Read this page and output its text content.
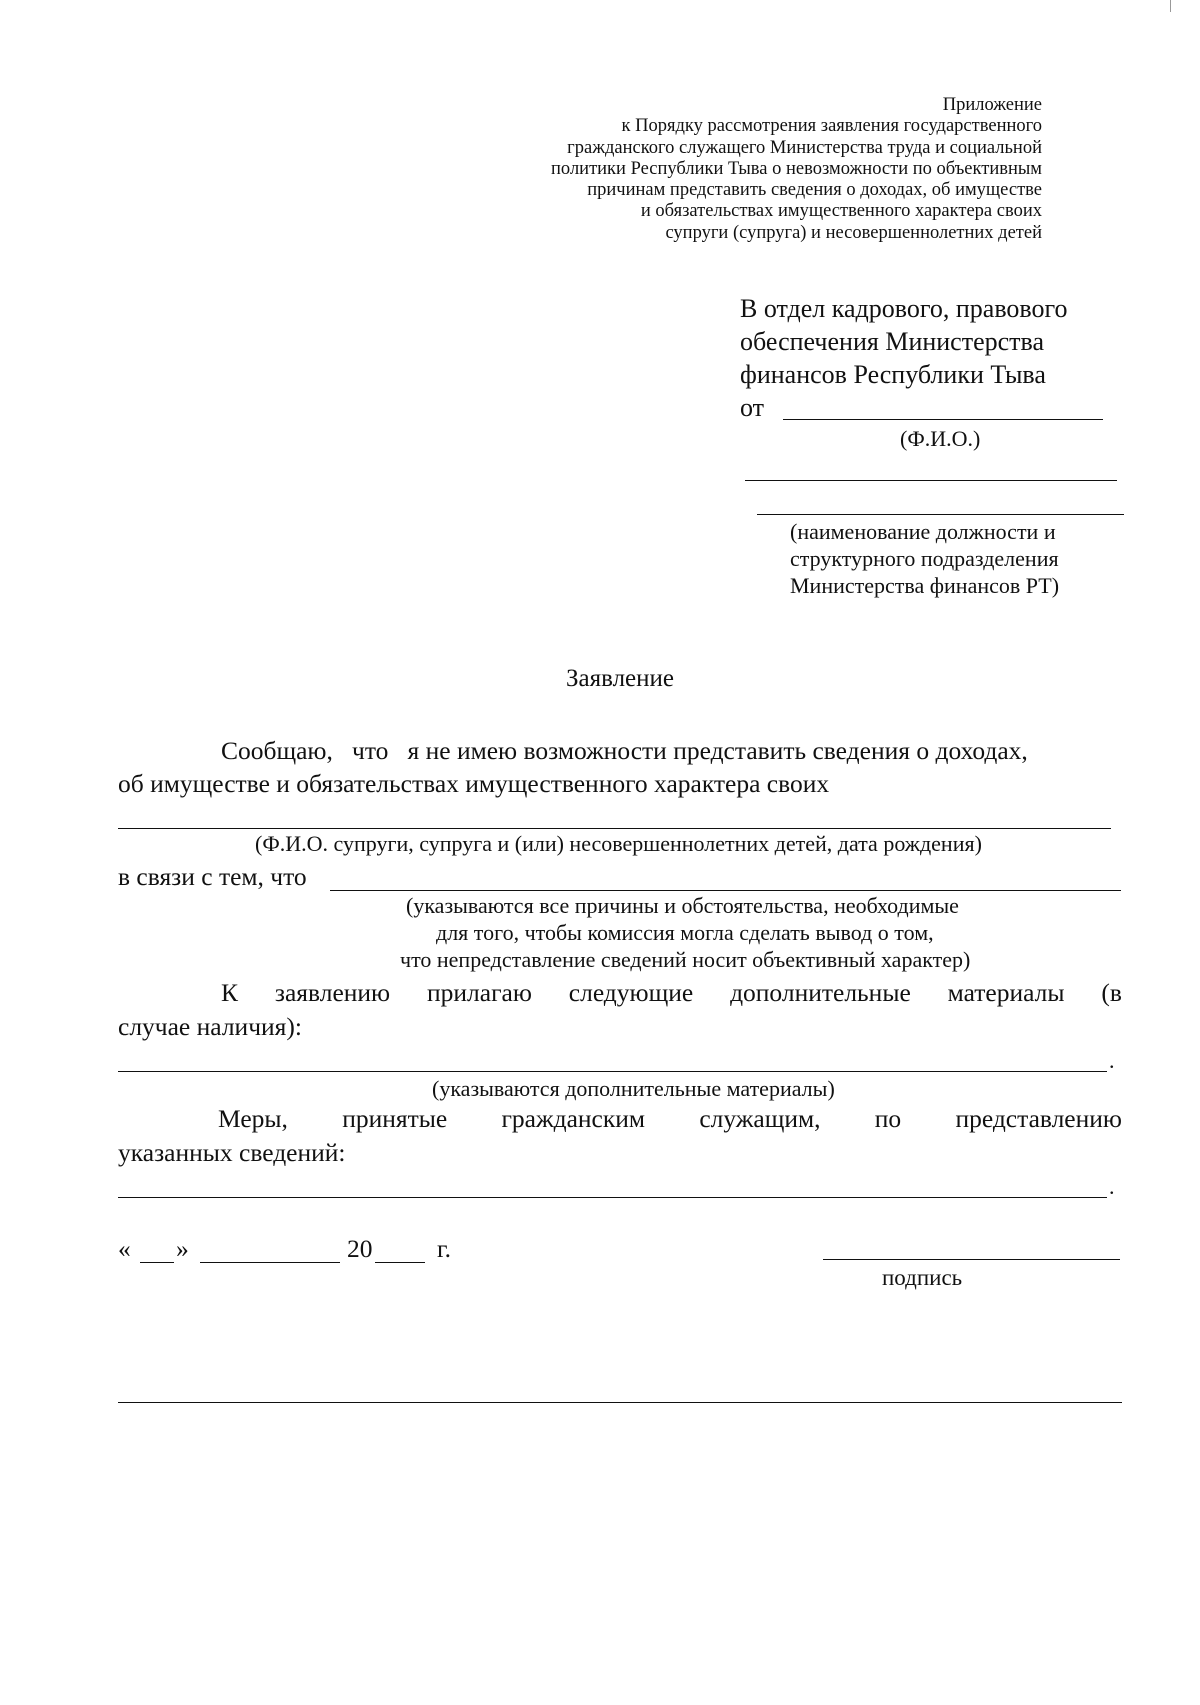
Приложение
к Порядку рассмотрения заявления государственного
гражданского служащего Министерства труда и социальной
политики Республики Тыва о невозможности по объективным
причинам представить сведения о доходах, об имуществе
и обязательствах имущественного характера своих
супруги (супруга) и несовершеннолетних детей
В отдел кадрового, правового
обеспечения Министерства
финансов Республики Тыва
от
(Ф.И.О.)
(наименование должности и
структурного подразделения
Министерства финансов РТ)
Заявление
Сообщаю, что я не имею возможности представить сведения о доходах,
об имуществе и обязательствах имущественного характера своих
(Ф.И.О. супруги, супруга и (или) несовершеннолетних детей, дата рождения)
в связи с тем, что
(указываются все причины и обстоятельства, необходимые
для того, чтобы комиссия могла сделать вывод о том,
что непредставление сведений носит объективный характер)
К заявлению прилагаю следующие дополнительные материалы (в
случае наличия):
.
(указываются дополнительные материалы)
Меры, принятые гражданским служащим, по представлению
указанных сведений:
.
« »	20	г.
подпись
